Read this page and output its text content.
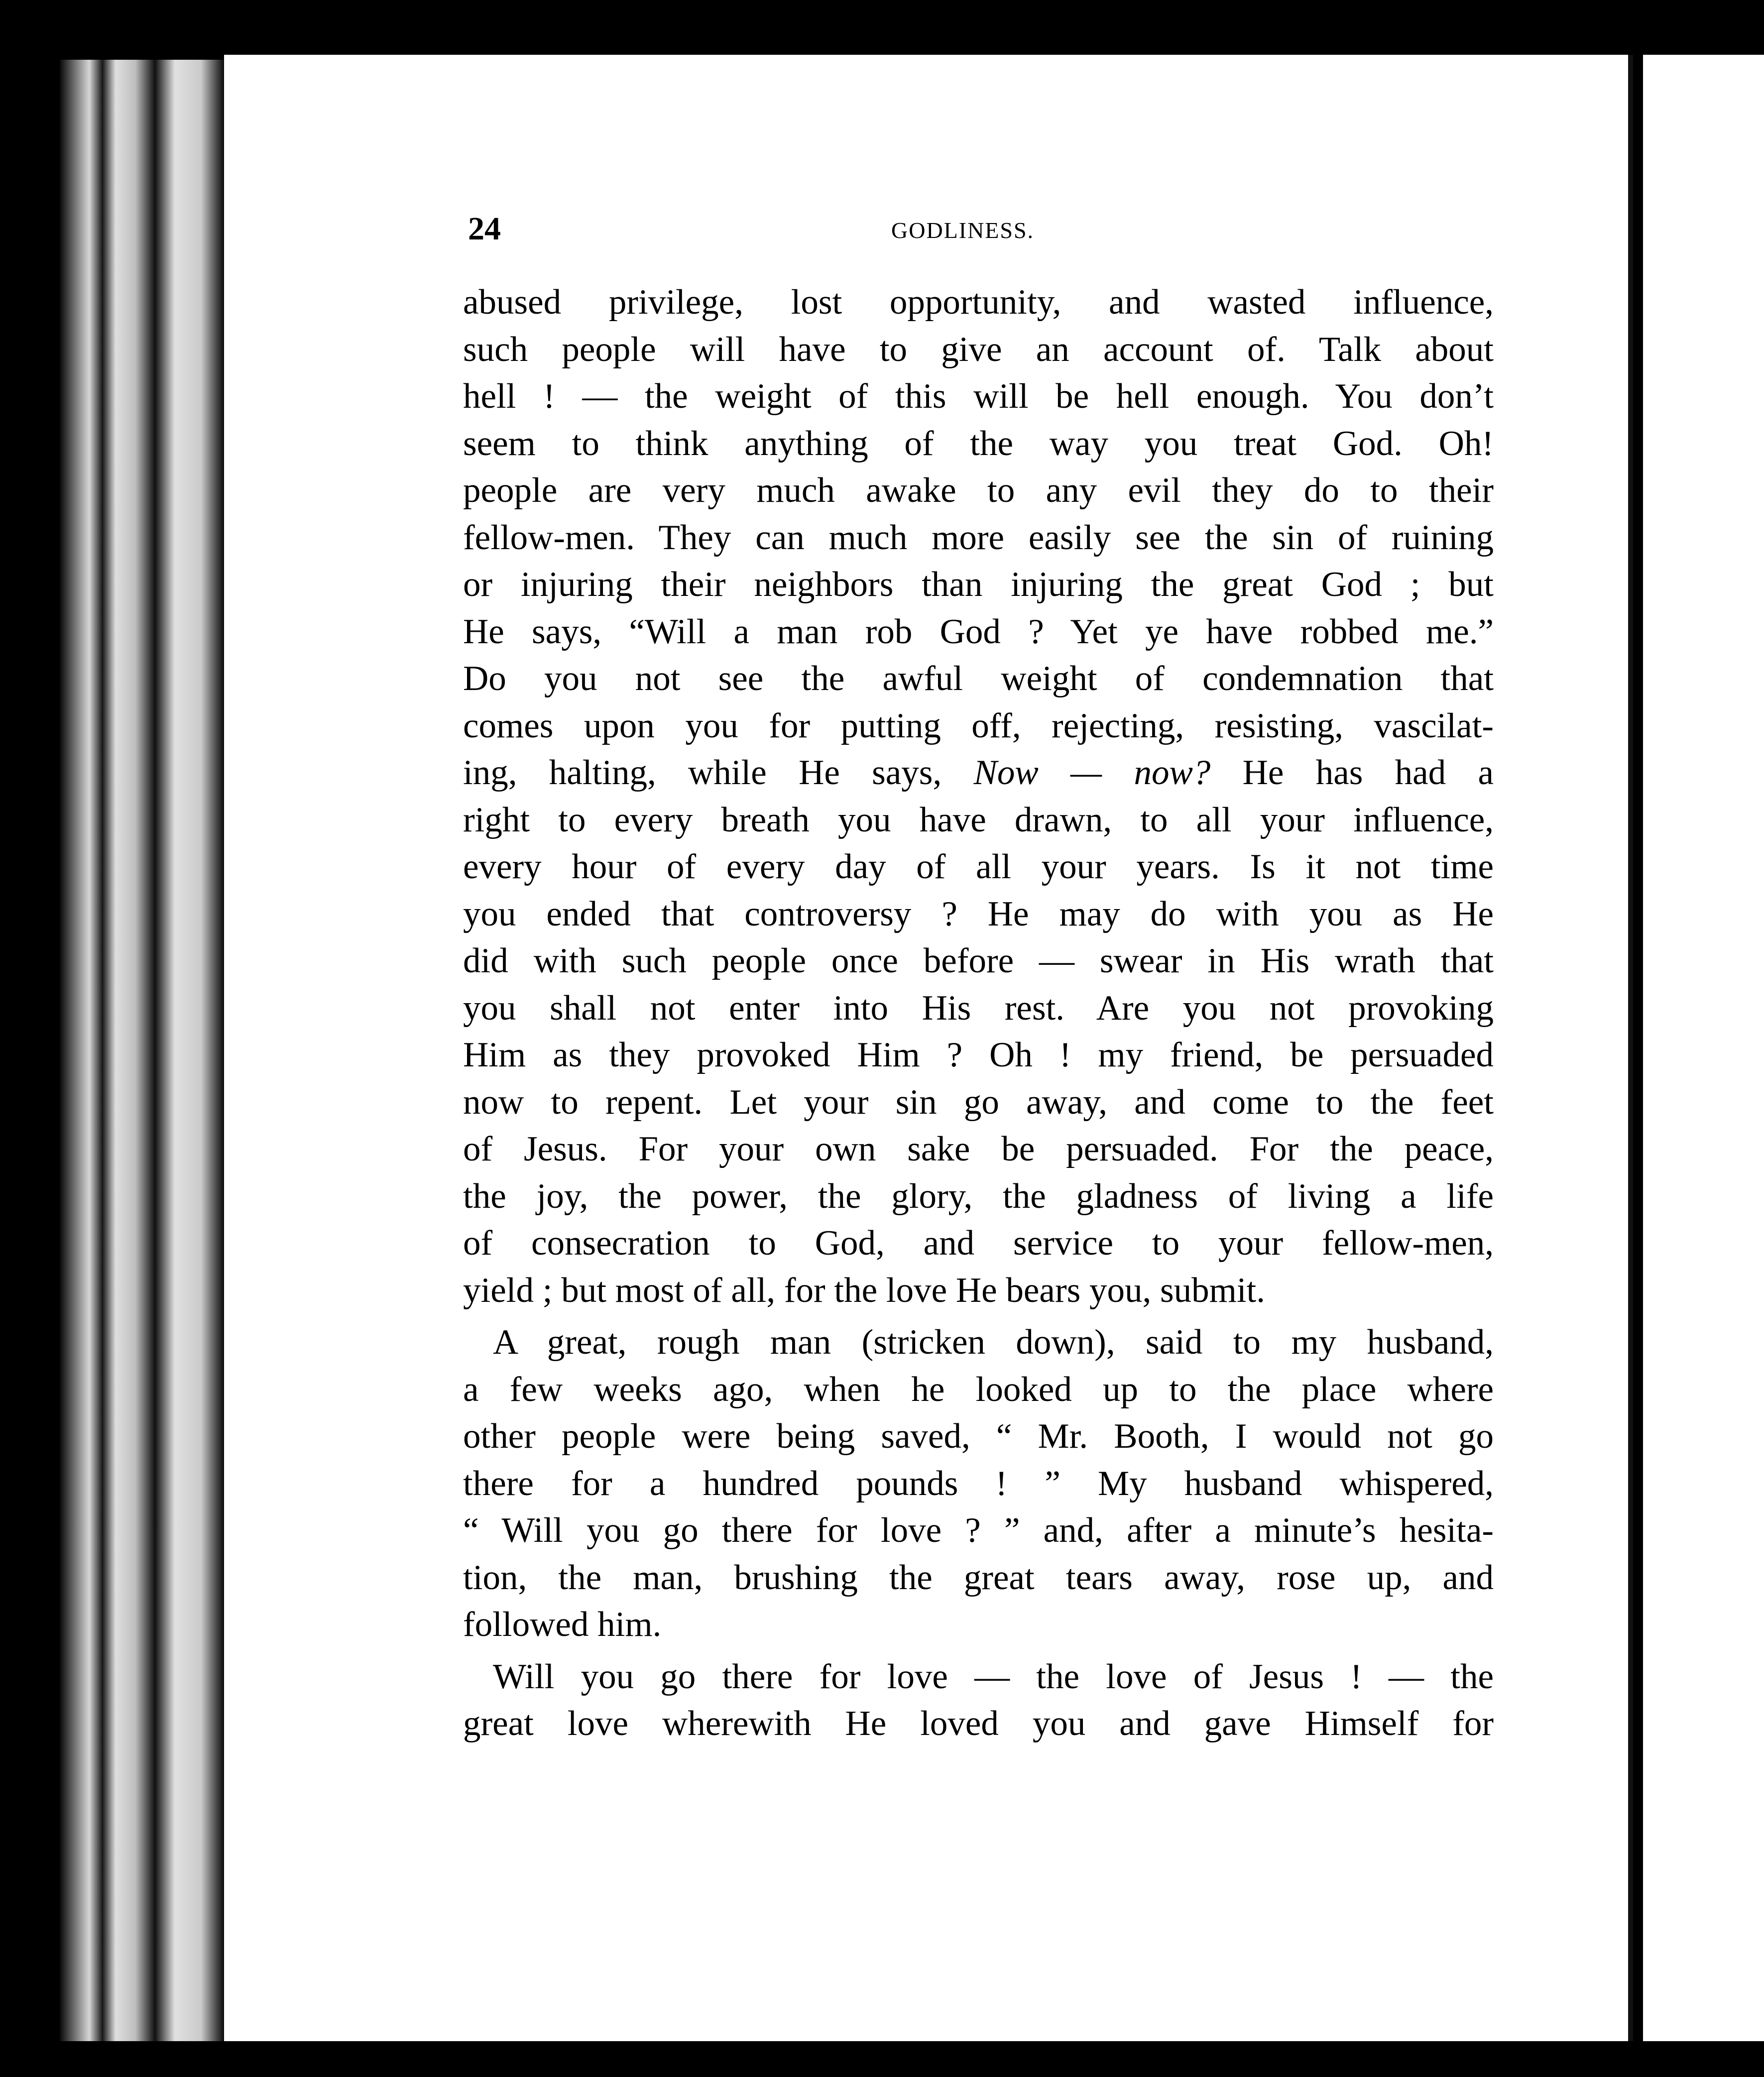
24	GODLINESS.
abused privilege, lost opportunity, and wasted influence,
such people will have to give an account of. Talk about
hell ! — the weight of this will be hell enough. You don’t
seem to think anything of the way you treat God. Oh!
people are very much awake to any evil they do to their
fellow-men. They can much more easily see the sin of ruining
or injuring their neighbors than injuring the great God ; but
He says, “Will a man rob God ? Yet ye have robbed me.”
Do you not see the awful weight of condemnation that
comes upon you for putting off, rejecting, resisting, vascilat-
ing, halting, while He says, Now — now? He has had a
right to every breath you have drawn, to all your influence,
every hour of every day of all your years. Is it not time
you ended that controversy ? He may do with you as He
did with such people once before — swear in His wrath that
you shall not enter into His rest. Are you not provoking
Him as they provoked Him ? Oh ! my friend, be persuaded
now to repent. Let your sin go away, and come to the feet
of Jesus. For your own sake be persuaded. For the peace,
the joy, the power, the glory, the gladness of living a life
of consecration to God, and service to your fellow-men,
yield ; but most of all, for the love He bears you, submit.
A great, rough man (stricken down), said to my husband,
a few weeks ago, when he looked up to the place where
other people were being saved, “ Mr. Booth, I would not go
there for a hundred pounds ! ” My husband whispered,
“ Will you go there for love ? ” and, after a minute’s hesita-
tion, the man, brushing the great tears away, rose up, and
followed him.
Will you go there for love — the love of Jesus ! — the
great love wherewith He loved you and gave Himself for
